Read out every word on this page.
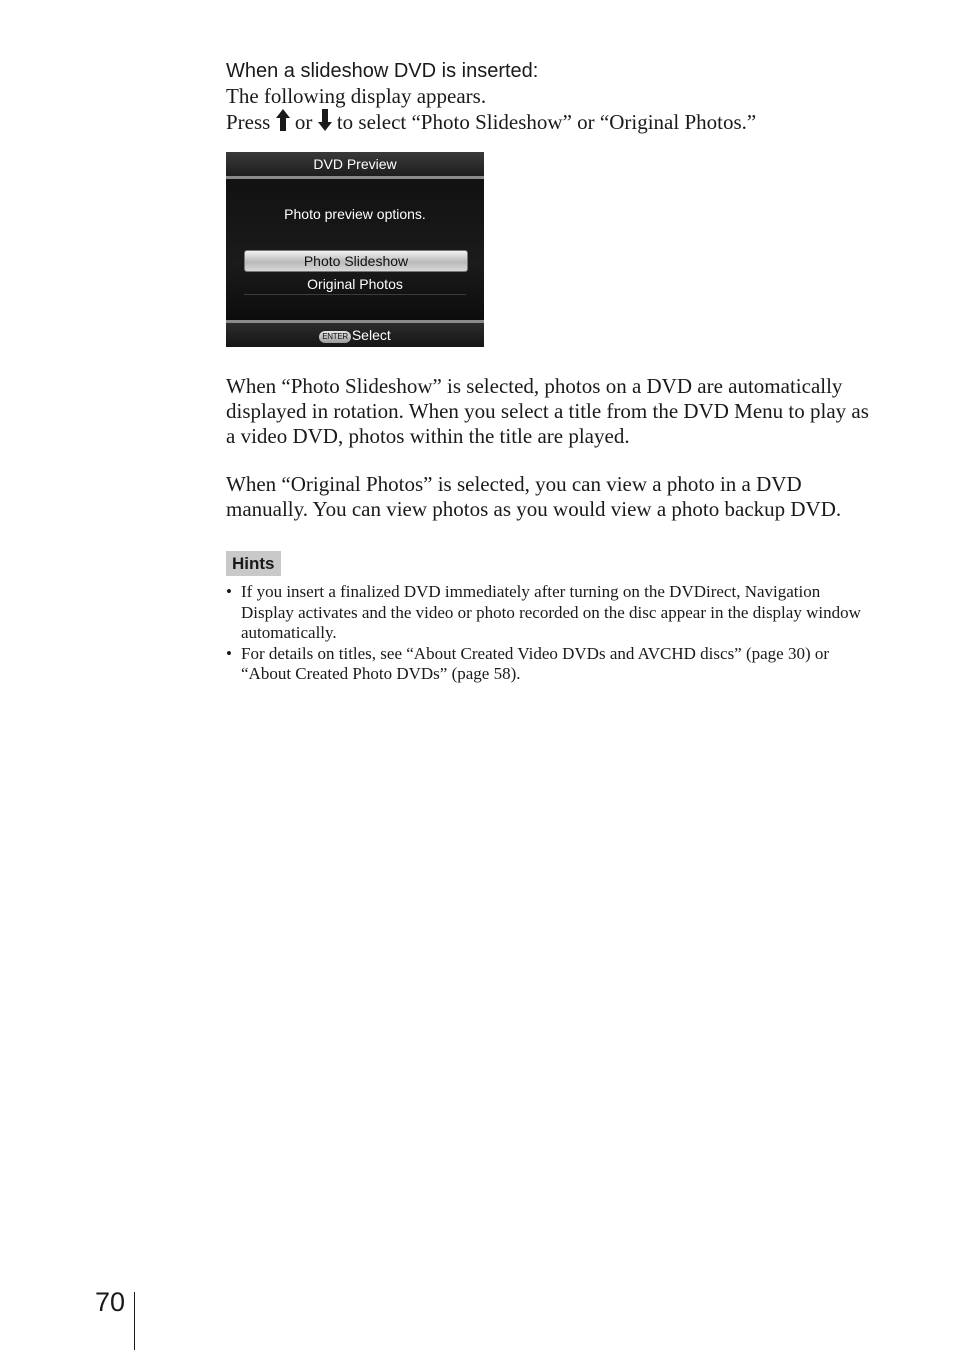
When a slideshow DVD is inserted:

The following display appears.

Press or to select “Photo Slideshow” or “Original Photos.”

DVD Preview
Photo preview options.
Photo Slideshow
Original Photos
ENTER Select

When “Photo Slideshow” is selected, photos on a DVD are automatically displayed in rotation. When you select a title from the DVD Menu to play as a video DVD, photos within the title are played.

When “Original Photos” is selected, you can view a photo in a DVD manually. You can view photos as you would view a photo backup DVD.

Hints
• If you insert a finalized DVD immediately after turning on the DVDirect, Navigation Display activates and the video or photo recorded on the disc appear in the display window automatically.
• For details on titles, see “About Created Video DVDs and AVCHD discs” (page 30) or “About Created Photo DVDs” (page 58).
70
